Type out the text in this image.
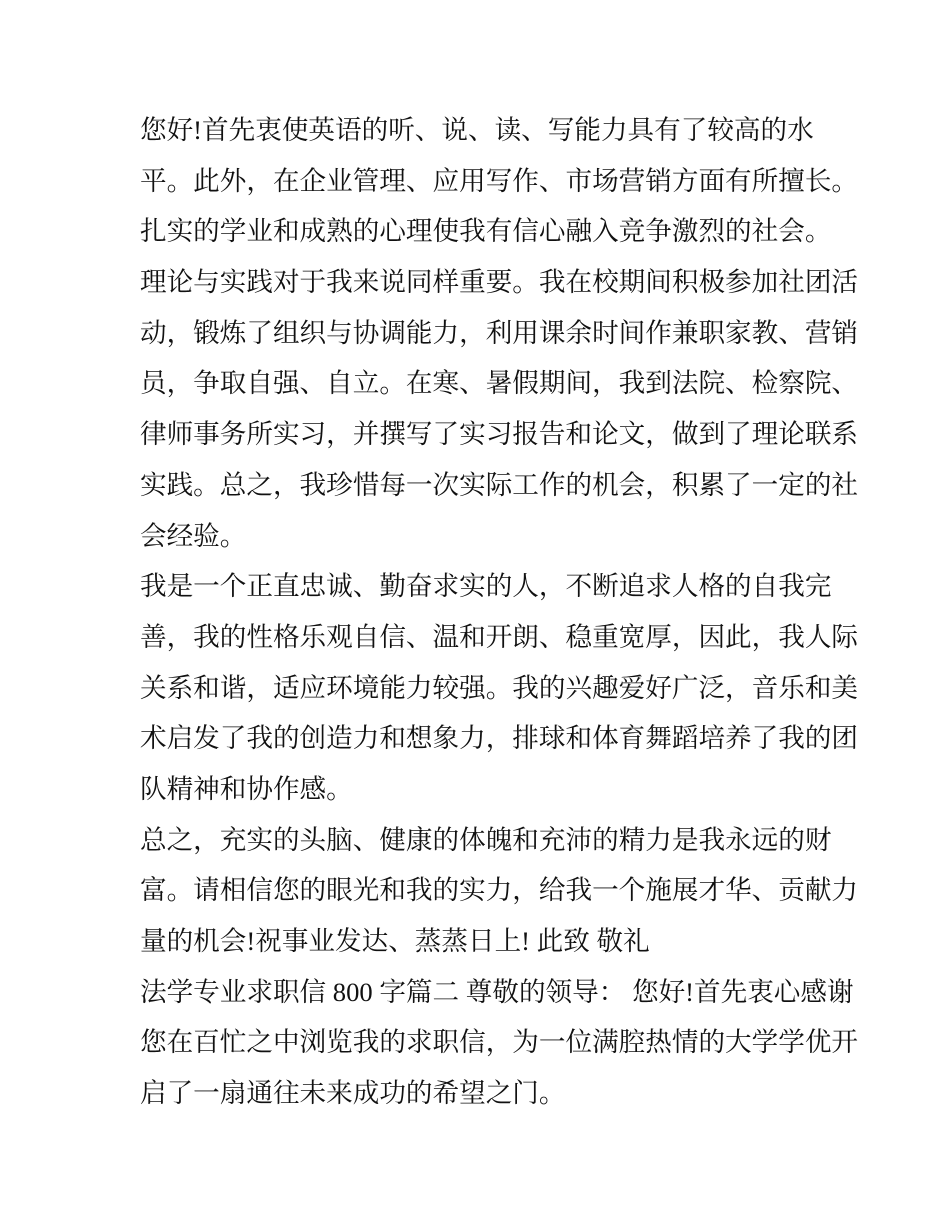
您好!首先衷使英语的听、说、读、写能力具有了较高的水
平。此外，在企业管理、应用写作、市场营销方面有所擅长。
扎实的学业和成熟的心理使我有信心融入竞争激烈的社会。
理论与实践对于我来说同样重要。我在校期间积极参加社团活
动，锻炼了组织与协调能力，利用课余时间作兼职家教、营销
员，争取自强、自立。在寒、暑假期间，我到法院、检察院、
律师事务所实习，并撰写了实习报告和论文，做到了理论联系
实践。总之，我珍惜每一次实际工作的机会，积累了一定的社
会经验。
我是一个正直忠诚、勤奋求实的人，不断追求人格的自我完
善，我的性格乐观自信、温和开朗、稳重宽厚，因此，我人际
关系和谐，适应环境能力较强。我的兴趣爱好广泛，音乐和美
术启发了我的创造力和想象力，排球和体育舞蹈培养了我的团
队精神和协作感。
总之，充实的头脑、健康的体魄和充沛的精力是我永远的财
富。请相信您的眼光和我的实力，给我一个施展才华、贡献力
量的机会!祝事业发达、蒸蒸日上! 此致 敬礼
法学专业求职信 800 字篇二 尊敬的领导： 您好!首先衷心感谢
您在百忙之中浏览我的求职信，为一位满腔热情的大学学优开
启了一扇通往未来成功的希望之门。
